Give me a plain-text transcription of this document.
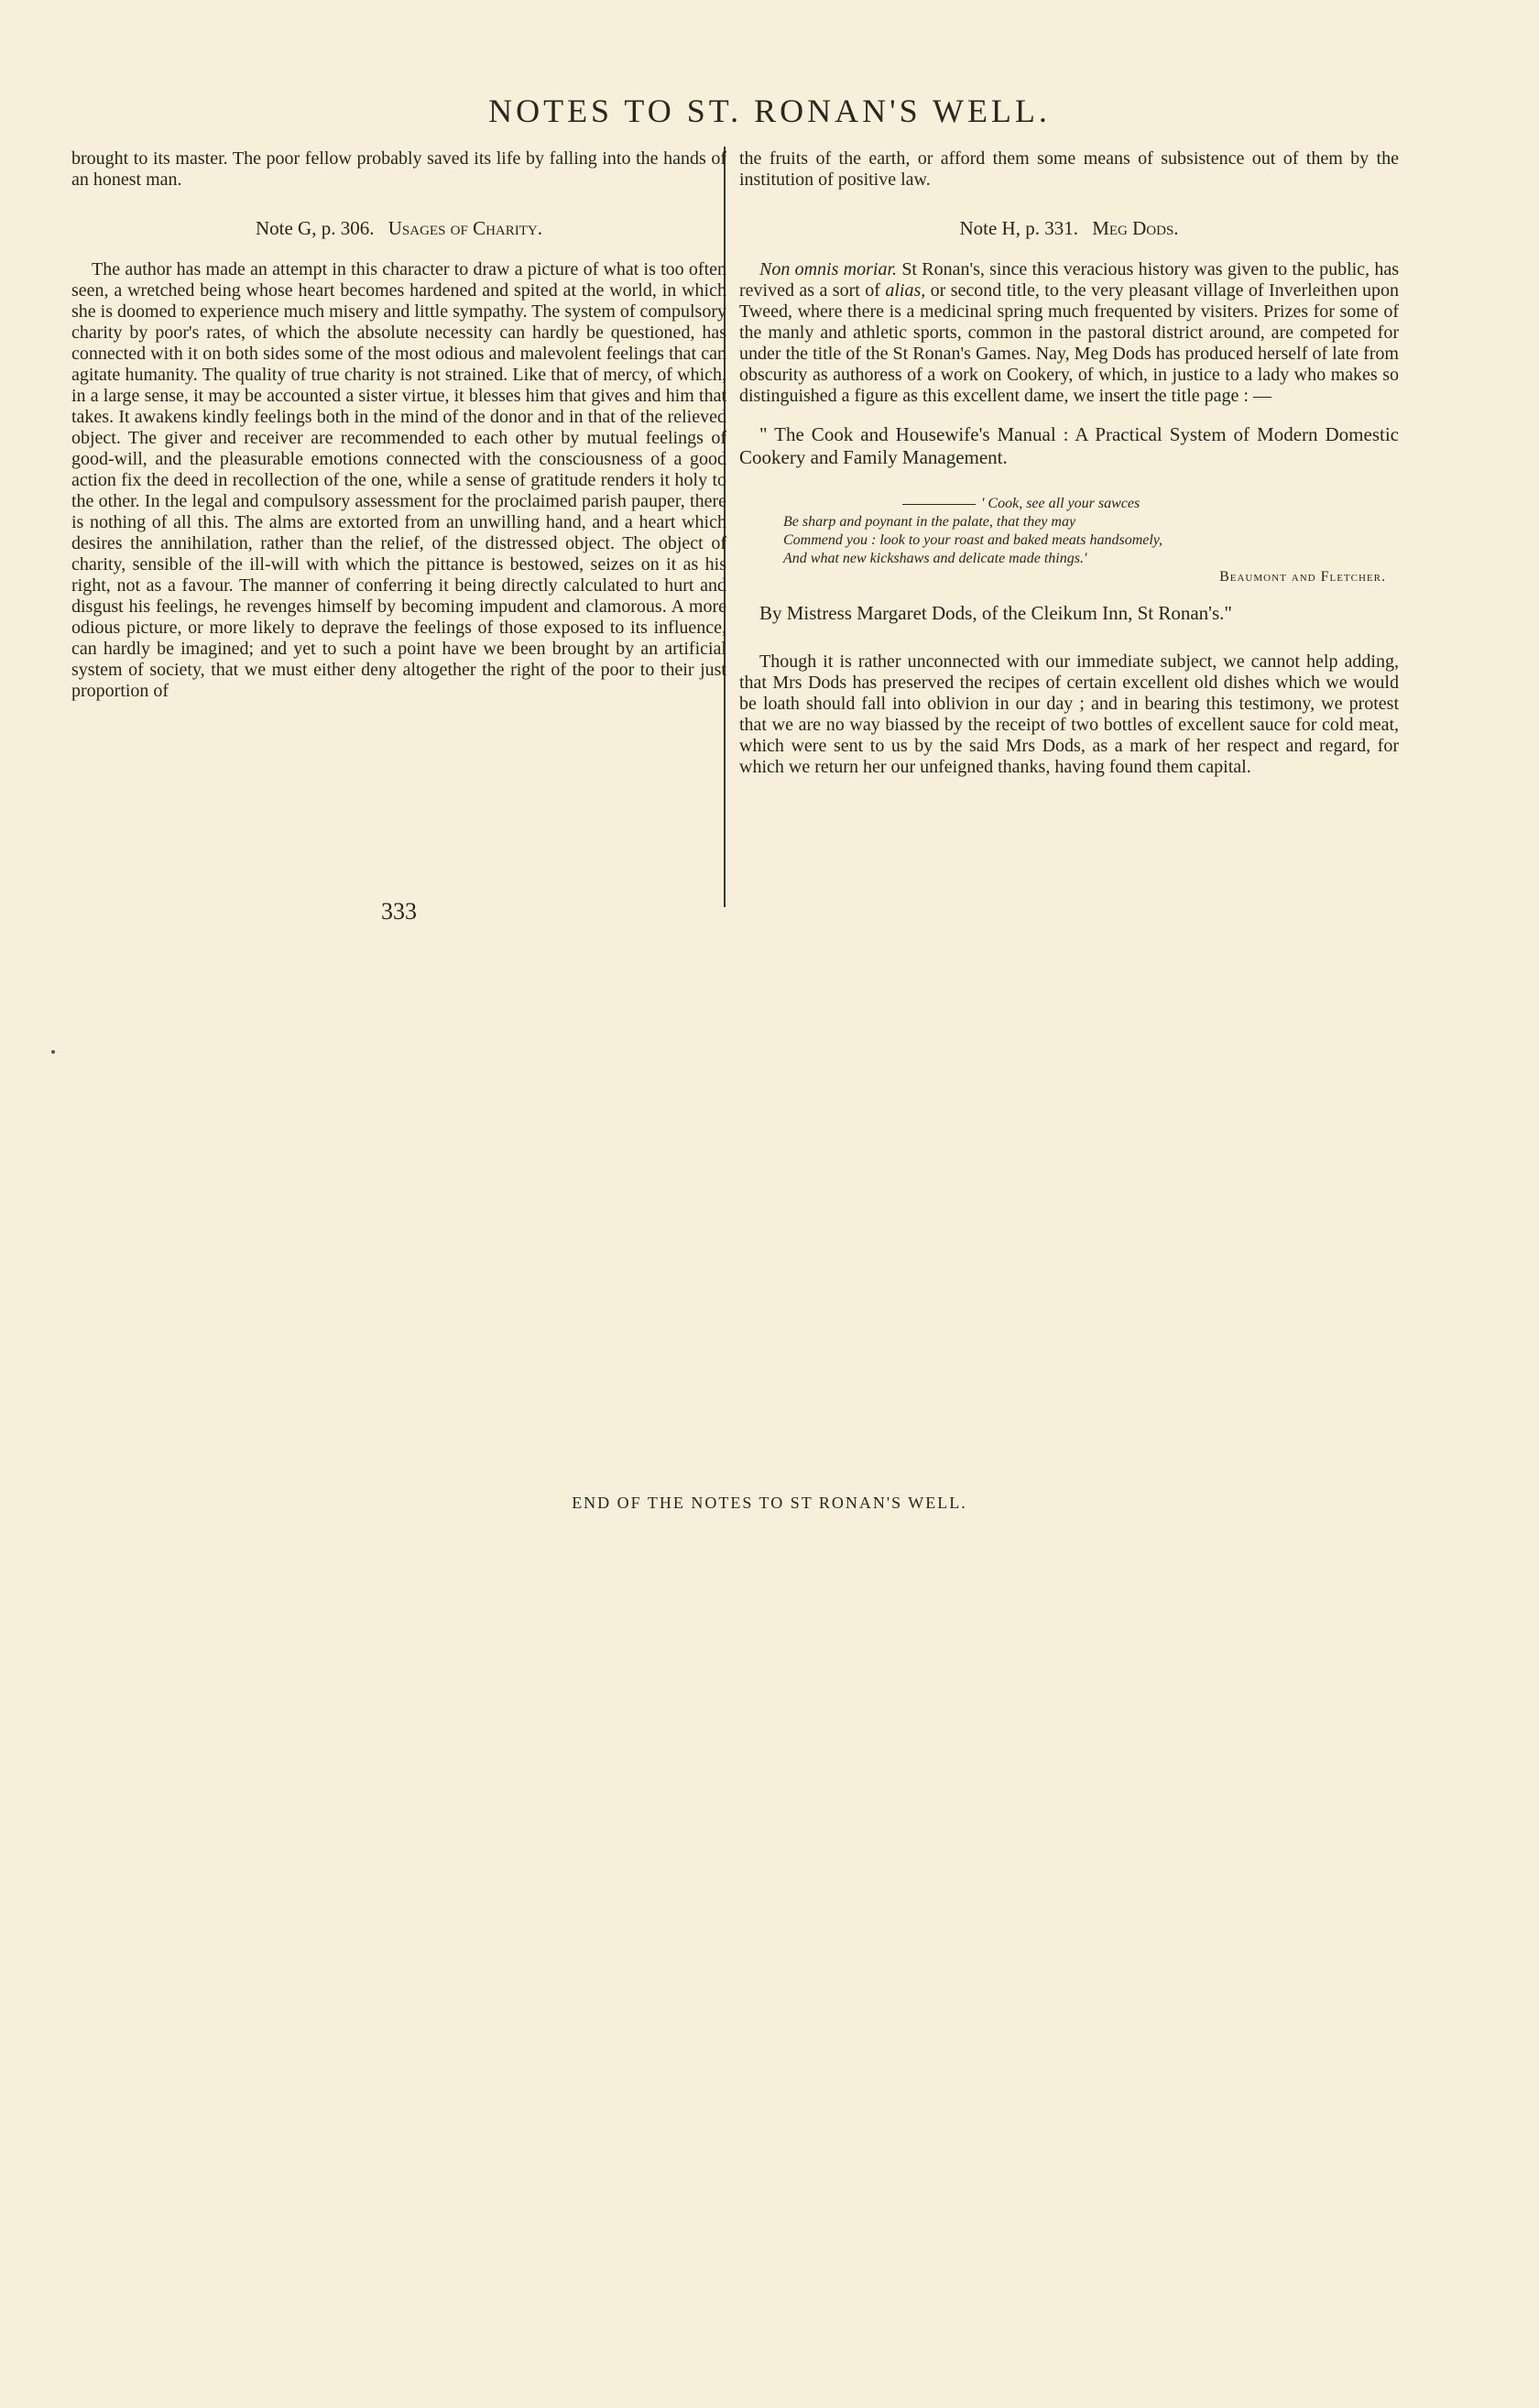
NOTES TO ST. RONAN'S WELL.

brought to its master. The poor fellow probably saved its life by falling into the hands of an honest man.

Note G, p. 306. Usages of Charity.

The author has made an attempt in this character to draw a picture of what is too often seen, a wretched being whose heart becomes hardened and spited at the world, in which she is doomed to experience much misery and little sympathy. The system of compulsory charity by poor's rates, of which the absolute necessity can hardly be questioned, has connected with it on both sides some of the most odious and malevolent feelings that can agitate humanity. The quality of true charity is not strained. Like that of mercy, of which, in a large sense, it may be accounted a sister virtue, it blesses him that gives and him that takes. It awakens kindly feelings both in the mind of the donor and in that of the relieved object. The giver and receiver are recommended to each other by mutual feelings of good-will, and the pleasurable emotions connected with the consciousness of a good action fix the deed in recollection of the one, while a sense of gratitude renders it holy to the other. In the legal and compulsory assessment for the proclaimed parish pauper, there is nothing of all this. The alms are extorted from an unwilling hand, and a heart which desires the annihilation, rather than the relief, of the distressed object. The object of charity, sensible of the ill-will with which the pittance is bestowed, seizes on it as his right, not as a favour. The manner of conferring it being directly calculated to hurt and disgust his feelings, he revenges himself by becoming impudent and clamorous. A more odious picture, or more likely to deprave the feelings of those exposed to its influence, can hardly be imagined; and yet to such a point have we been brought by an artificial system of society, that we must either deny altogether the right of the poor to their just proportion of

333

the fruits of the earth, or afford them some means of subsistence out of them by the institution of positive law.

Note H, p. 331. Meg Dods.

Non omnis moriar. St Ronan's, since this veracious history was given to the public, has revived as a sort of alias, or second title, to the very pleasant village of Inverleithen upon Tweed, where there is a medicinal spring much frequented by visiters. Prizes for some of the manly and athletic sports, common in the pastoral district around, are competed for under the title of the St Ronan's Games. Nay, Meg Dods has produced herself of late from obscurity as authoress of a work on Cookery, of which, in justice to a lady who makes so distinguished a figure as this excellent dame, we insert the title page : —

" The Cook and Housewife's Manual : A Practical System of Modern Domestic Cookery and Family Management.

' Cook, see all your sawces
Be sharp and poynant in the palate, that they may
Commend you : look to your roast and baked meats handsomely,
And what new kickshaws and delicate made things.'
Beaumont and Fletcher.

By Mistress Margaret Dods, of the Cleikum Inn, St Ronan's."

Though it is rather unconnected with our immediate subject, we cannot help adding, that Mrs Dods has preserved the recipes of certain excellent old dishes which we would be loath should fall into oblivion in our day ; and in bearing this testimony, we protest that we are no way biassed by the receipt of two bottles of excellent sauce for cold meat, which were sent to us by the said Mrs Dods, as a mark of her respect and regard, for which we return her our unfeigned thanks, having found them capital.

END OF THE NOTES TO ST RONAN'S WELL.
